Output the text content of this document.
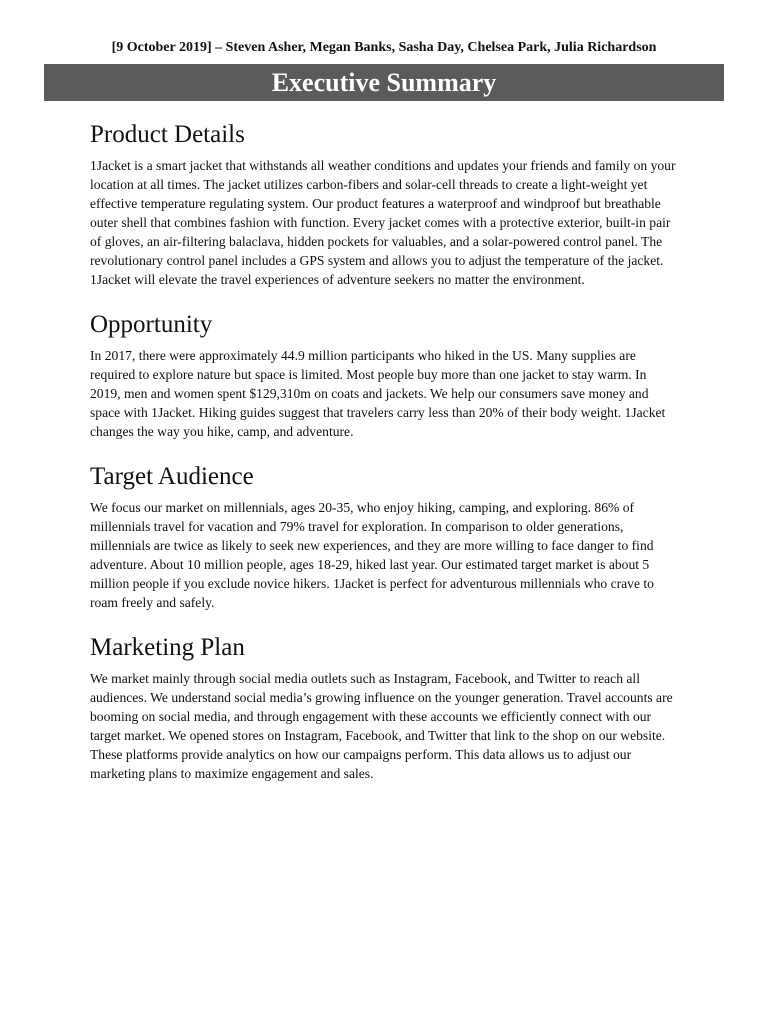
[9 October 2019] – Steven Asher, Megan Banks, Sasha Day, Chelsea Park, Julia Richardson
Executive Summary
Product Details

1Jacket is a smart jacket that withstands all weather conditions and updates your friends and family on your location at all times. The jacket utilizes carbon-fibers and solar-cell threads to create a light-weight yet effective temperature regulating system. Our product features a waterproof and windproof but breathable outer shell that combines fashion with function. Every jacket comes with a protective exterior, built-in pair of gloves, an air-filtering balaclava, hidden pockets for valuables, and a solar-powered control panel. The revolutionary control panel includes a GPS system and allows you to adjust the temperature of the jacket. 1Jacket will elevate the travel experiences of adventure seekers no matter the environment.

Opportunity

In 2017, there were approximately 44.9 million participants who hiked in the US. Many supplies are required to explore nature but space is limited. Most people buy more than one jacket to stay warm. In 2019, men and women spent $129,310m on coats and jackets. We help our consumers save money and space with 1Jacket. Hiking guides suggest that travelers carry less than 20% of their body weight. 1Jacket changes the way you hike, camp, and adventure.

Target Audience

We focus our market on millennials, ages 20-35, who enjoy hiking, camping, and exploring. 86% of millennials travel for vacation and 79% travel for exploration. In comparison to older generations, millennials are twice as likely to seek new experiences, and they are more willing to face danger to find adventure. About 10 million people, ages 18-29, hiked last year. Our estimated target market is about 5 million people if you exclude novice hikers. 1Jacket is perfect for adventurous millennials who crave to roam freely and safely.

Marketing Plan

We market mainly through social media outlets such as Instagram, Facebook, and Twitter to reach all audiences. We understand social media’s growing influence on the younger generation. Travel accounts are booming on social media, and through engagement with these accounts we efficiently connect with our target market. We opened stores on Instagram, Facebook, and Twitter that link to the shop on our website. These platforms provide analytics on how our campaigns perform. This data allows us to adjust our marketing plans to maximize engagement and sales.
